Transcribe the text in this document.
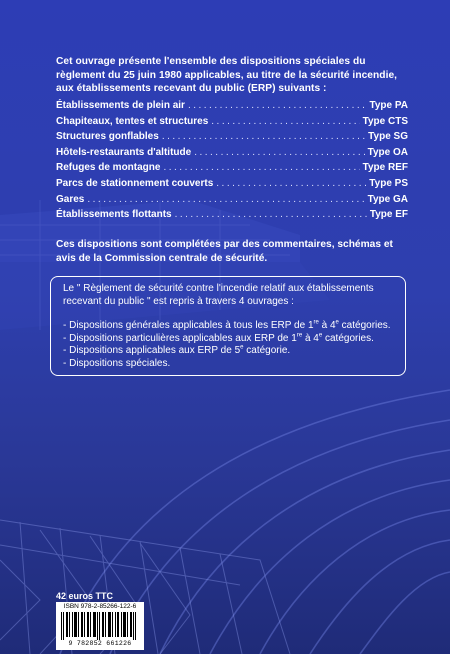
Cet ouvrage présente l'ensemble des dispositions spéciales du règlement du 25 juin 1980 applicables, au titre de la sécurité incendie, aux établissements recevant du public (ERP) suivants :
Établissements de plein air .....	Type PA
Chapiteaux, tentes et structures .....	Type CTS
Structures gonflables .....	Type SG
Hôtels-restaurants d'altitude .....	Type OA
Refuges de montagne .....	Type REF
Parcs de stationnement couverts .....	Type PS
Gares .....	Type GA
Établissements flottants .....	Type EF
Ces dispositions sont complétées par des commentaires, schémas et avis de la Commission centrale de sécurité.
Le " Règlement de sécurité contre l'incendie relatif aux établissements recevant du public " est repris à travers 4 ouvrages :
- Dispositions générales applicables à tous les ERP de 1re à 4e catégories.
- Dispositions particulières applicables aux ERP de 1re à 4e catégories.
- Dispositions applicables aux ERP de 5e catégorie.
- Dispositions spéciales.
42 euros TTC
ISBN 978-2-85266-122-6
9 782852 661226
